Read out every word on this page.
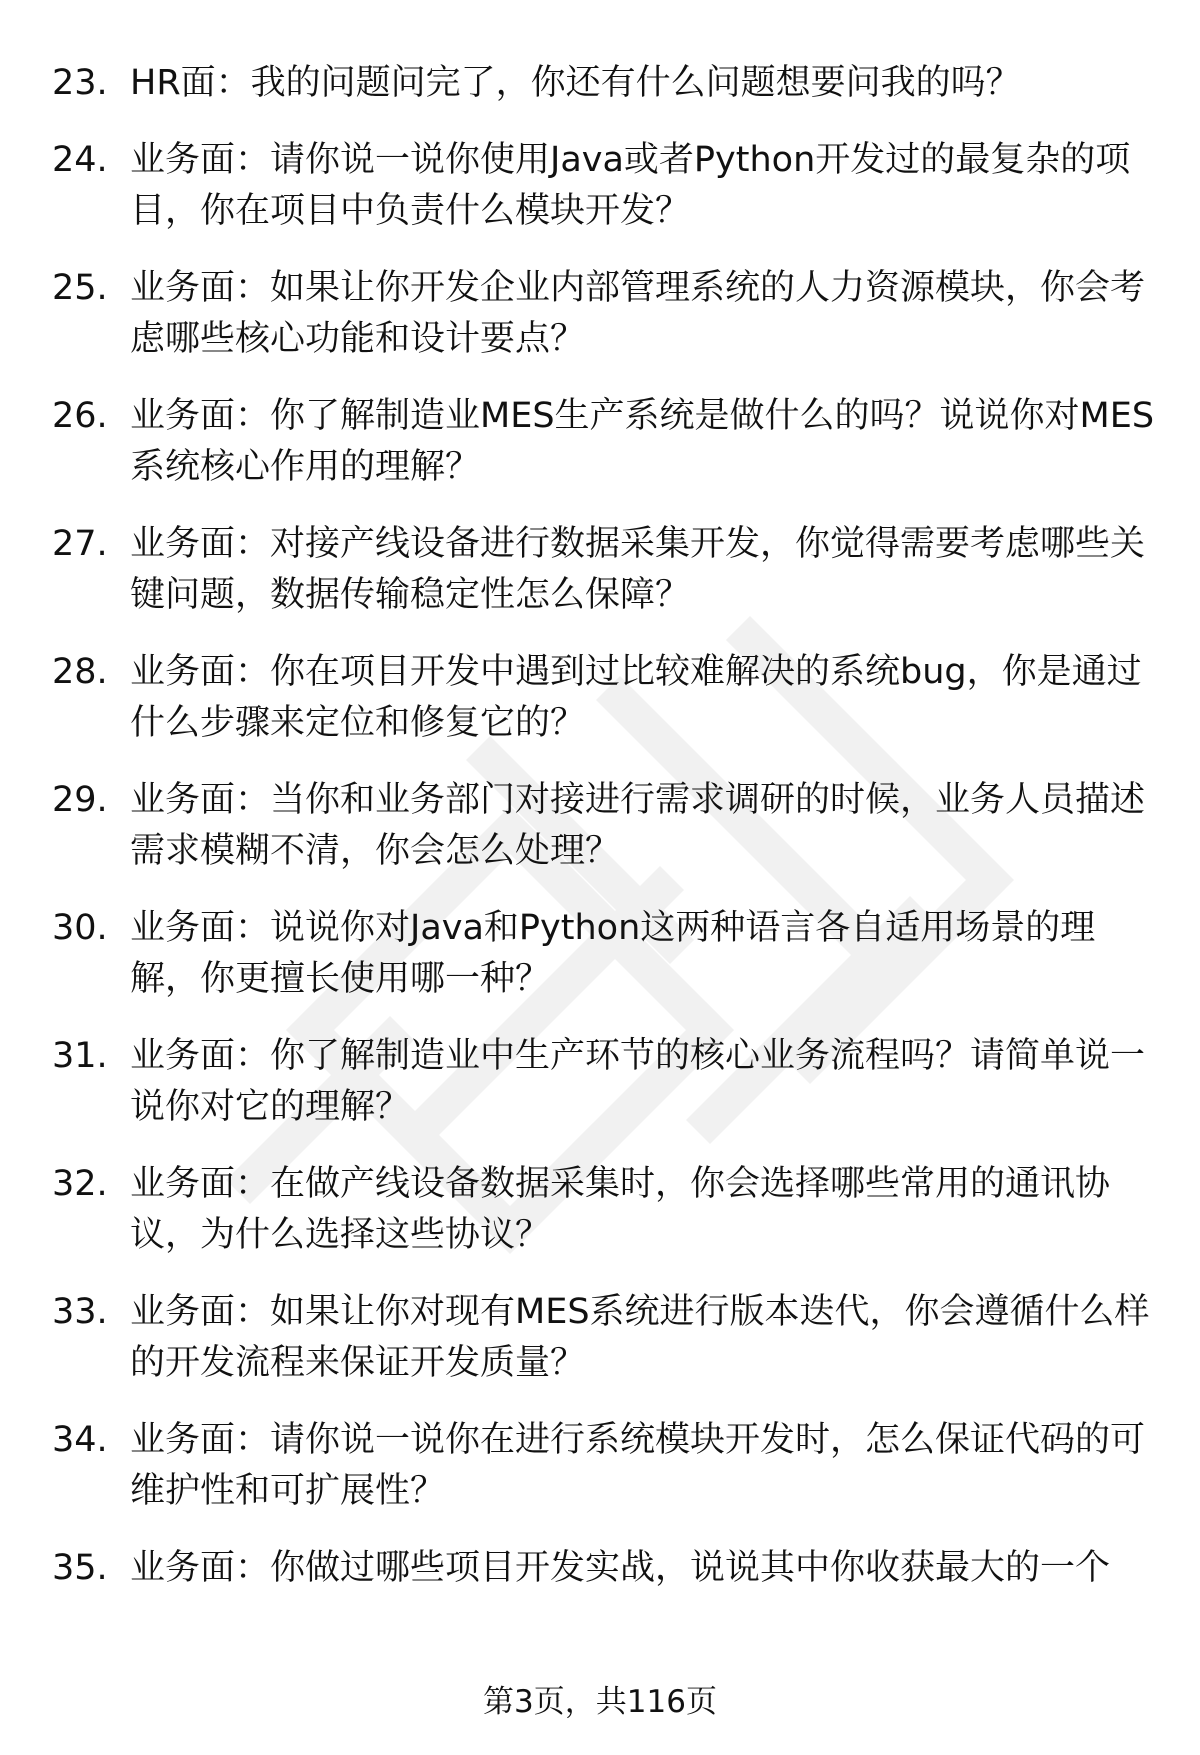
23. HR面：我的问题问完了，你还有什么问题想要问我的吗？
24. 业务面：请你说一说你使用Java或者Python开发过的最复杂的项目，你在项目中负责什么模块开发？
25. 业务面：如果让你开发企业内部管理系统的人力资源模块，你会考虑哪些核心功能和设计要点？
26. 业务面：你了解制造业MES生产系统是做什么的吗？说说你对MES系统核心作用的理解？
27. 业务面：对接产线设备进行数据采集开发，你觉得需要考虑哪些关键问题，数据传输稳定性怎么保障？
28. 业务面：你在项目开发中遇到过比较难解决的系统bug，你是通过什么步骤来定位和修复它的？
29. 业务面：当你和业务部门对接进行需求调研的时候，业务人员描述需求模糊不清，你会怎么处理？
30. 业务面：说说你对Java和Python这两种语言各自适用场景的理解，你更擅长使用哪一种？
31. 业务面：你了解制造业中生产环节的核心业务流程吗？请简单说一说你对它的理解？
32. 业务面：在做产线设备数据采集时，你会选择哪些常用的通讯协议，为什么选择这些协议？
33. 业务面：如果让你对现有MES系统进行版本迭代，你会遵循什么样的开发流程来保证开发质量？
34. 业务面：请你说一说你在进行系统模块开发时，怎么保证代码的可维护性和可扩展性？
35. 业务面：你做过哪些项目开发实战，说说其中你收获最大的一个
第3页，共116页
